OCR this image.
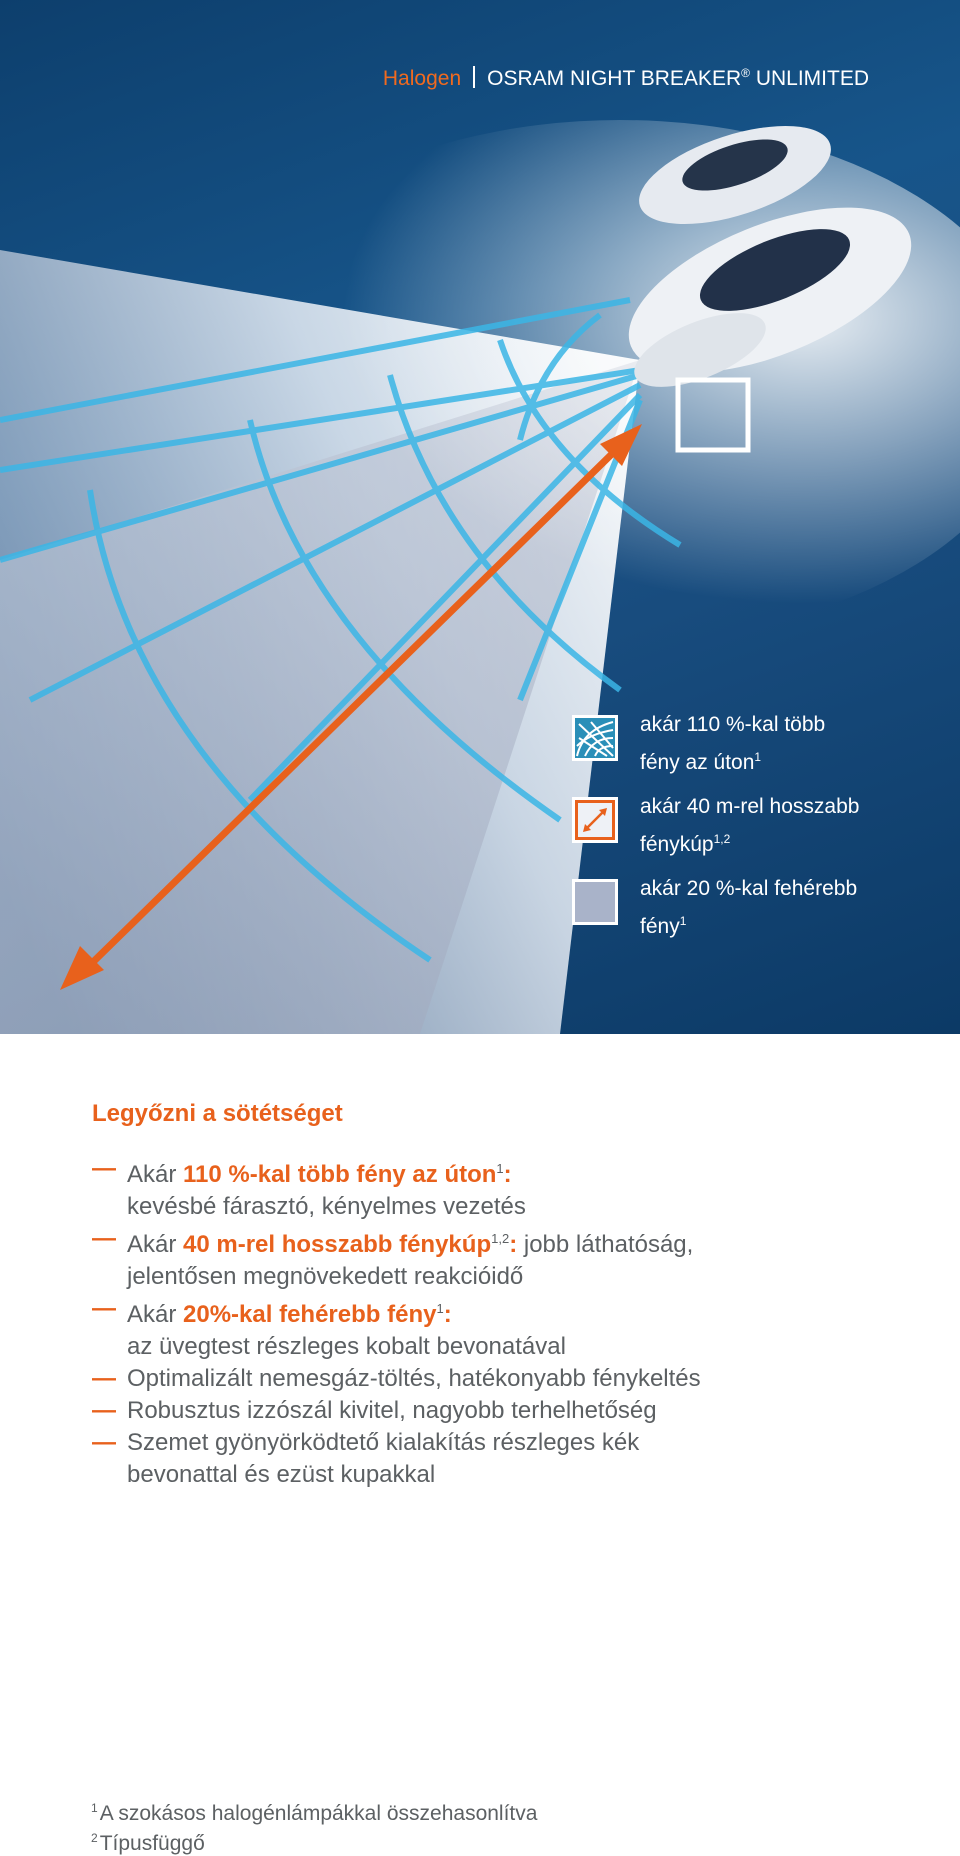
Halogen OSRAM NIGHT BREAKER® UNLIMITED
akár 110 %-kal több
fény az úton$^1$
akár 40 m-rel hosszabb
fénykúp$^{1,2}$
akár 20 %-kal fehérebb
fény$^1$
Legyőzni a sötétséget
— Akár 110 %-kal több fény az úton$^1$:
kevésbé fárasztó, kényelmes vezetés
— Akár 40 m-rel hosszabb fénykúp$^{1,2}$: jobb láthatóság,
jelentősen megnövekedett reakcióidő
— Akár 20%-kal fehérebb fény$^1$:
az üvegtest részleges kobalt bevonatával
— Optimalizált nemesgáz-töltés, hatékonyabb fénykeltés
— Robusztus izzószál kivitel, nagyobb terhelhetőség
— Szemet gyönyörködtető kialakítás részleges kék
bevonattal és ezüst kupakkal
$^1$A szokásos halogénlámpákkal összehasonlítva
$^2$Típusfüggő
